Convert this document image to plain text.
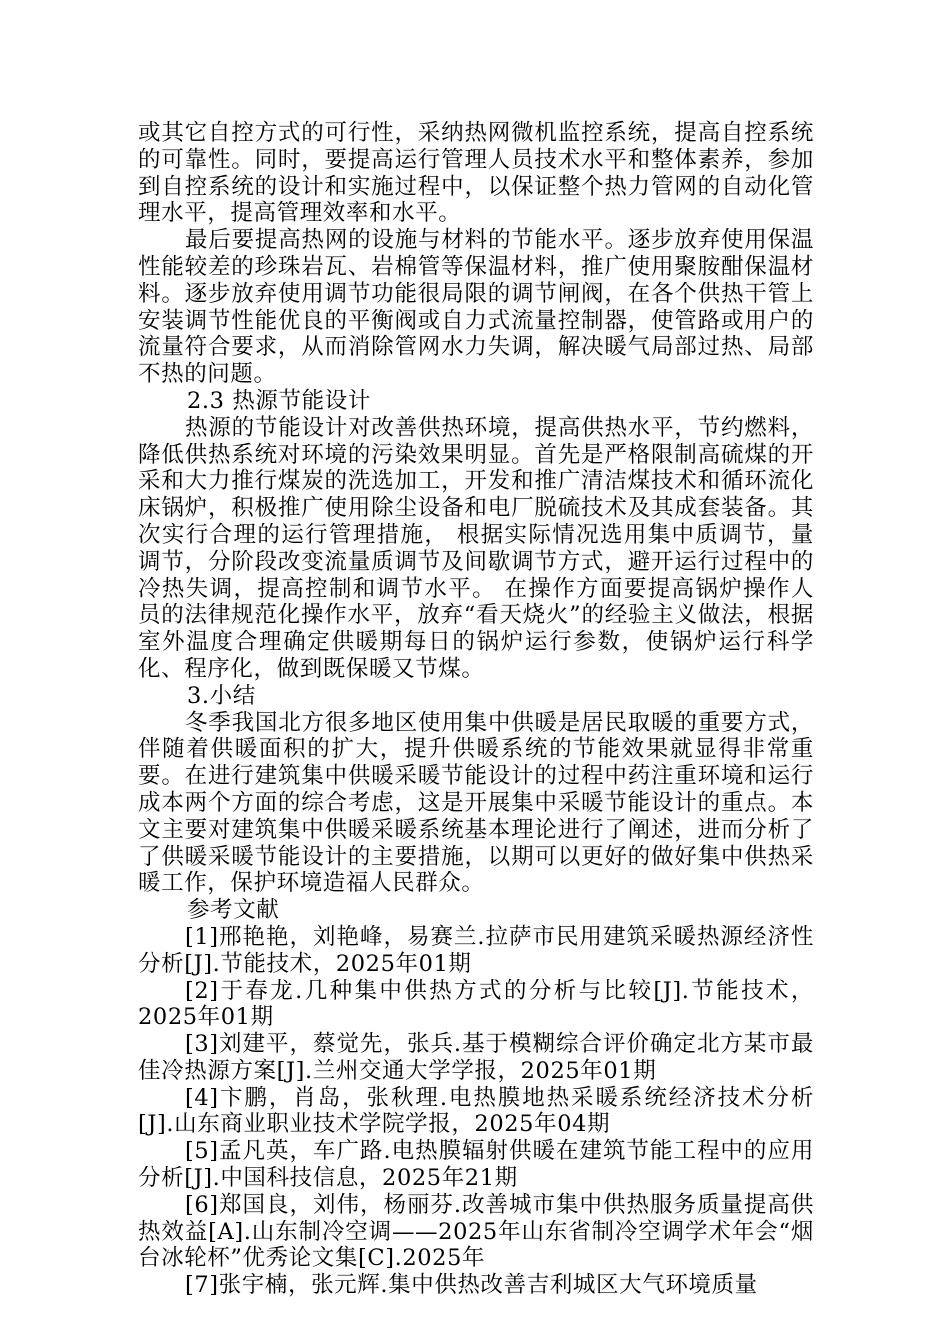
或其它自控方式的可行性，采纳热网微机监控系统，提高自控系统的可靠性。同时，要提高运行管理人员技术水平和整体素养，参加到自控系统的设计和实施过程中，以保证整个热力管网的自动化管理水平，提高管理效率和水平。

最后要提高热网的设施与材料的节能水平。逐步放弃使用保温性能较差的珍珠岩瓦、岩棉管等保温材料，推广使用聚胺酣保温材料。逐步放弃使用调节功能很局限的调节闸阀，在各个供热干管上安装调节性能优良的平衡阀或自力式流量控制器，使管路或用户的流量符合要求，从而消除管网水力失调，解决暖气局部过热、局部不热的问题。

2.3 热源节能设计

热源的节能设计对改善供热环境，提高供热水平，节约燃料，降低供热系统对环境的污染效果明显。首先是严格限制高硫煤的开采和大力推行煤炭的洗选加工，开发和推广清洁煤技术和循环流化床锅炉，积极推广使用除尘设备和电厂脱硫技术及其成套装备。其次实行合理的运行管理措施， 根据实际情况选用集中质调节，量调节，分阶段改变流量质调节及间歇调节方式，避开运行过程中的冷热失调，提高控制和调节水平。 在操作方面要提高锅炉操作人员的法律规范化操作水平，放弃“看天烧火”的经验主义做法，根据室外温度合理确定供暖期每日的锅炉运行参数，使锅炉运行科学化、程序化，做到既保暖又节煤。

3.小结

冬季我国北方很多地区使用集中供暖是居民取暖的重要方式，伴随着供暖面积的扩大，提升供暖系统的节能效果就显得非常重要。在进行建筑集中供暖采暖节能设计的过程中药注重环境和运行成本两个方面的综合考虑，这是开展集中采暖节能设计的重点。本文主要对建筑集中供暖采暖系统基本理论进行了阐述，进而分析了了供暖采暖节能设计的主要措施，以期可以更好的做好集中供热采暖工作，保护环境造福人民群众。

参考文献

[1]邢艳艳，刘艳峰，易赛兰.拉萨市民用建筑采暖热源经济性分析[J].节能技术，2025年01期

[2]于春龙.几种集中供热方式的分析与比较[J].节能技术，2025年01期

[3]刘建平，蔡觉先，张兵.基于模糊综合评价确定北方某市最佳冷热源方案[J].兰州交通大学学报，2025年01期

[4]卞鹏，肖岛，张秋理.电热膜地热采暖系统经济技术分析[J].山东商业职业技术学院学报，2025年04期

[5]孟凡英，车广路.电热膜辐射供暖在建筑节能工程中的应用分析[J].中国科技信息，2025年21期

[6]郑国良，刘伟，杨丽芬.改善城市集中供热服务质量提高供热效益[A].山东制冷空调——2025年山东省制冷空调学术年会“烟台冰轮杯”优秀论文集[C].2025年

[7]张宇楠，张元辉.集中供热改善吉利城区大气环境质量
